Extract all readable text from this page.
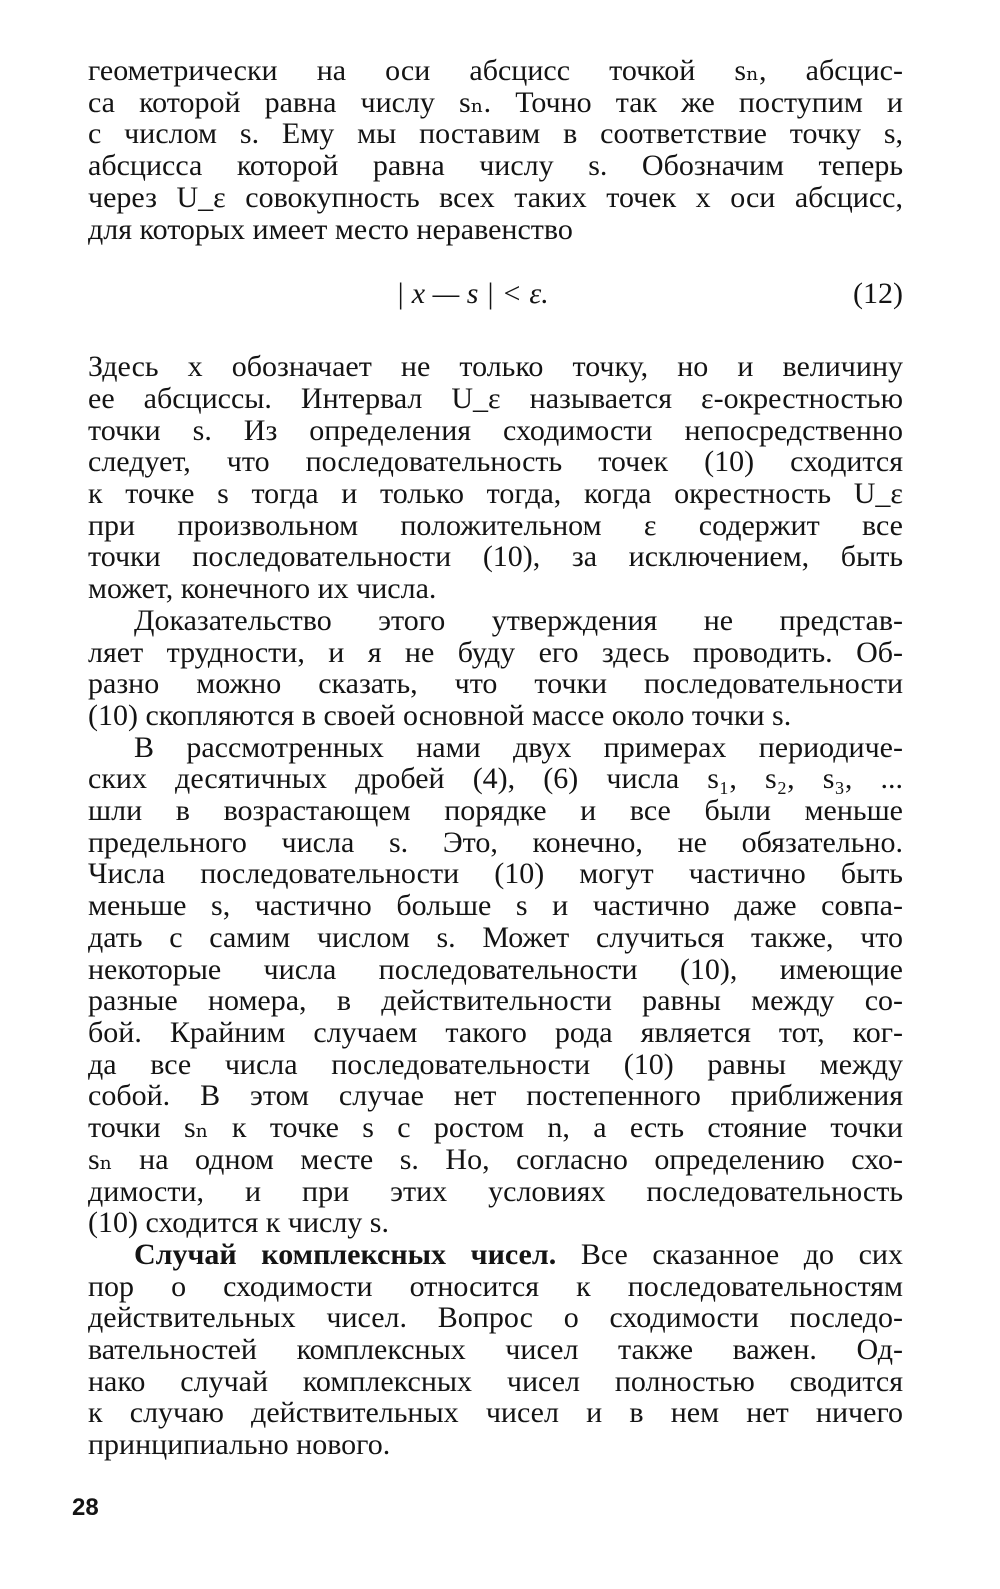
геометрически на оси абсцисс точкой sₙ, абсцис-
са которой равна числу sₙ. Точно так же поступим и
с числом s. Ему мы поставим в соответствие точку s,
абсцисса которой равна числу s. Обозначим теперь
через U_ε совокупность всех таких точек x оси абсцисс,
для которых имеет место неравенство

| x — s | < ε.	(12)

Здесь x обозначает не только точку, но и величину
ее абсциссы. Интервал U_ε называется ε-окрестностью
точки s. Из определения сходимости непосредственно
следует, что последовательность точек (10) сходится
к точке s тогда и только тогда, когда окрестность U_ε
при произвольном положительном ε содержит все
точки последовательности (10), за исключением, быть
может, конечного их числа.

Доказательство этого утверждения не представ-
ляет трудности, и я не буду его здесь проводить. Об-
разно можно сказать, что точки последовательности
(10) скопляются в своей основной массе около точки s.

В рассмотренных нами двух примерах периодиче-
ских десятичных дробей (4), (6) числа s₁, s₂, s₃, ...
шли в возрастающем порядке и все были меньше
предельного числа s. Это, конечно, не обязательно.
Числа последовательности (10) могут частично быть
меньше s, частично больше s и частично даже совпа-
дать с самим числом s. Может случиться также, что
некоторые числа последовательности (10), имеющие
разные номера, в действительности равны между со-
бой. Крайним случаем такого рода является тот, ког-
да все числа последовательности (10) равны между
собой. В этом случае нет постепенного приближения
точки sₙ к точке s с ростом n, а есть стояние точки
sₙ на одном месте s. Но, согласно определению схо-
димости, и при этих условиях последовательность
(10) сходится к числу s.

Случай комплексных чисел. Все сказанное до сих
пор о сходимости относится к последовательностям
действительных чисел. Вопрос о сходимости последо-
вательностей комплексных чисел также важен. Од-
нако случай комплексных чисел полностью сводится
к случаю действительных чисел и в нем нет ничего
принципиально нового.

28
